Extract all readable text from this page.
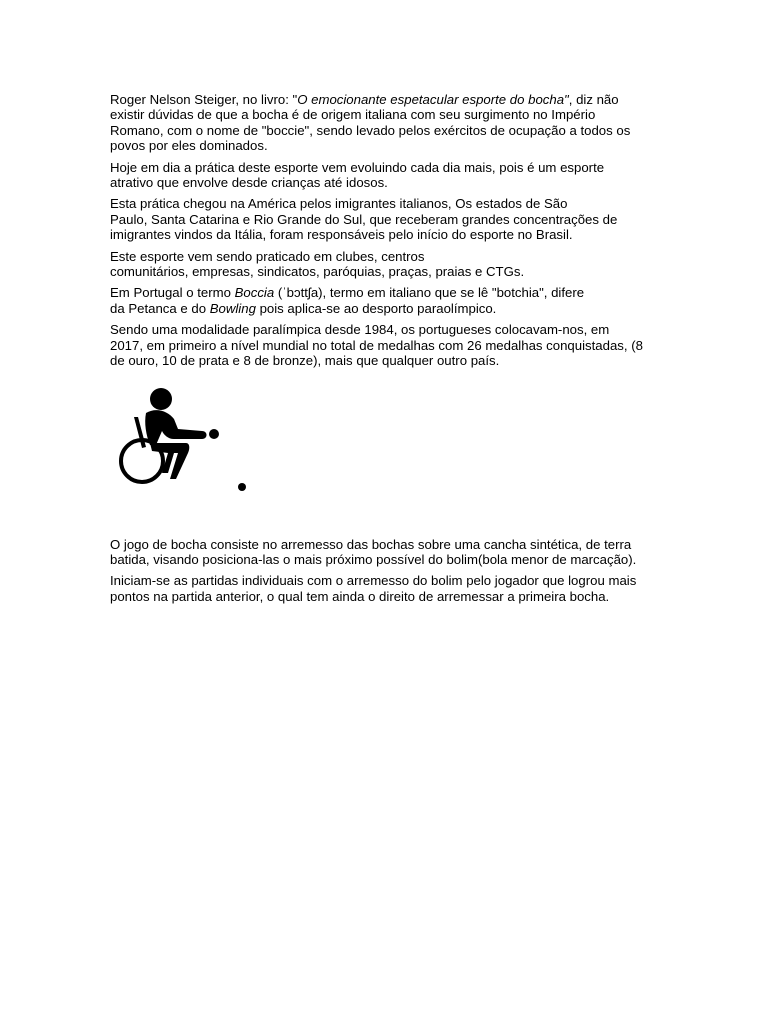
Roger Nelson Steiger, no livro: "O emocionante espetacular esporte do bocha", diz não
existir dúvidas de que a bocha é de origem italiana com seu surgimento no Império
Romano, com o nome de "boccie", sendo levado pelos exércitos de ocupação a todos os
povos por eles dominados.

Hoje em dia a prática deste esporte vem evoluindo cada dia mais, pois é um esporte
atrativo que envolve desde crianças até idosos.

Esta prática chegou na América pelos imigrantes italianos, Os estados de São
Paulo, Santa Catarina e Rio Grande do Sul, que receberam grandes concentrações de
imigrantes vindos da Itália, foram responsáveis pelo início do esporte no Brasil.

Este esporte vem sendo praticado em clubes, centros
comunitários, empresas, sindicatos, paróquias, praças, praias e CTGs.

Em Portugal o termo Boccia (ˈbɔttʃa), termo em italiano que se lê "botchia", difere
da Petanca e do Bowling pois aplica-se ao desporto paraolímpico.

Sendo uma modalidade paralímpica desde 1984, os portugueses colocavam-nos, em
2017, em primeiro a nível mundial no total de medalhas com 26 medalhas conquistadas, (8
de ouro, 10 de prata e 8 de bronze), mais que qualquer outro país.

O jogo de bocha consiste no arremesso das bochas sobre uma cancha sintética, de terra
batida, visando posiciona-las o mais próximo possível do bolim(bola menor de marcação).

Iniciam-se as partidas individuais com o arremesso do bolim pelo jogador que logrou mais
pontos na partida anterior, o qual tem ainda o direito de arremessar a primeira bocha.
